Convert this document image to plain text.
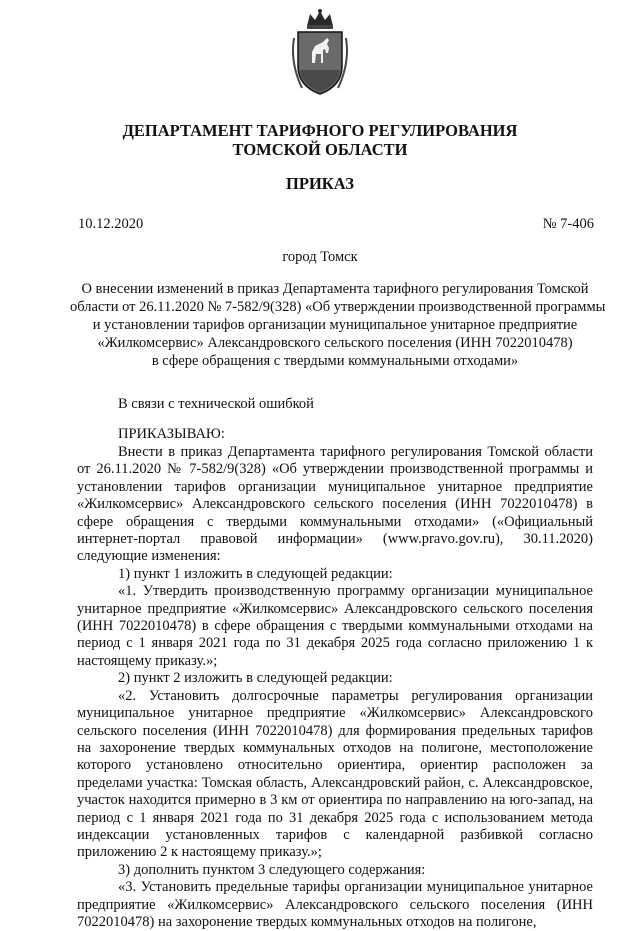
ДЕПАРТАМЕНТ ТАРИФНОГО РЕГУЛИРОВАНИЯ
ТОМСКОЙ ОБЛАСТИ
ПРИКАЗ
10.12.2020	№ 7-406
город Томск
О внесении изменений в приказ Департамента тарифного регулирования Томской
области от 26.11.2020 № 7-582/9(328) «Об утверждении производственной программы
и установлении тарифов организации муниципальное унитарное предприятие
«Жилкомсервис» Александровского сельского поселения (ИНН 7022010478)
в сфере обращения с твердыми коммунальными отходами»
В связи с технической ошибкой
ПРИКАЗЫВАЮ:

Внести в приказ Департамента тарифного регулирования Томской области от 26.11.2020 № 7-582/9(328) «Об утверждении производственной программы и установлении тарифов организации муниципальное унитарное предприятие «Жилкомсервис» Александровского сельского поселения (ИНН 7022010478) в сфере обращения с твердыми коммунальными отходами» («Официальный интернет-портал правовой информации» (www.pravo.gov.ru), 30.11.2020) следующие изменения:

1) пункт 1 изложить в следующей редакции:

«1. Утвердить производственную программу организации муниципальное унитарное предприятие «Жилкомсервис» Александровского сельского поселения (ИНН 7022010478) в сфере обращения с твердыми коммунальными отходами на период с 1 января 2021 года по 31 декабря 2025 года согласно приложению 1 к настоящему приказу.»;

2) пункт 2 изложить в следующей редакции:

«2. Установить долгосрочные параметры регулирования организации муниципальное унитарное предприятие «Жилкомсервис» Александровского сельского поселения (ИНН 7022010478) для формирования предельных тарифов на захоронение твердых коммунальных отходов на полигоне, местоположение которого установлено относительно ориентира, ориентир расположен за пределами участка: Томская область, Александровский район, с. Александровское, участок находится примерно в 3 км от ориентира по направлению на юго-запад, на период с 1 января 2021 года по 31 декабря 2025 года с использованием метода индексации установленных тарифов с календарной разбивкой согласно приложению 2 к настоящему приказу.»;

3) дополнить пунктом 3 следующего содержания:

«3. Установить предельные тарифы организации муниципальное унитарное предприятие «Жилкомсервис» Александровского сельского поселения (ИНН 7022010478) на захоронение твердых коммунальных отходов на полигоне,
